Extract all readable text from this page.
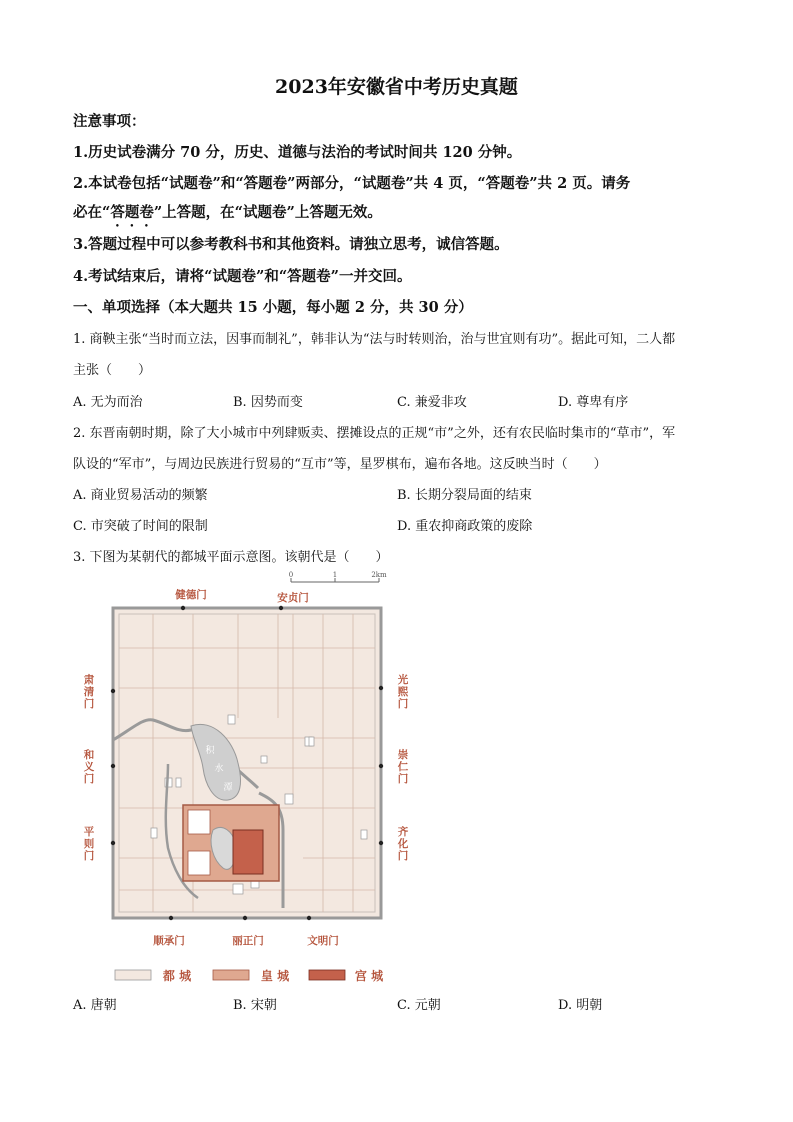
2023年安徽省中考历史真题
注意事项：
1.历史试卷满分 70 分，历史、道德与法治的考试时间共 120 分钟。
2.本试卷包括“试题卷”和“答题卷”两部分，“试题卷”共 4 页，“答题卷”共 2 页。请务
必在“答题卷”上答题，在“试题卷”上答题无效。
3.答题过程中可以参考教科书和其他资料。请独立思考，诚信答题。
4.考试结束后，请将“试题卷”和“答题卷”一并交回。
一、单项选择（本大题共 15 小题，每小题 2 分，共 30 分）
1. 商鞅主张“当时而立法，因事而制礼”，韩非认为“法与时转则治，治与世宜则有功”。据此可知，二人都
主张（　　）
A. 无为而治	B. 因势而变	C. 兼爱非攻	D. 尊卑有序
2. 东晋南朝时期，除了大小城市中列肆贩卖、摆摊设点的正规“市”之外，还有农民临时集市的“草市”，军
队设的“军市”，与周边民族进行贸易的“互市”等，星罗棋布，遍布各地。这反映当时（　　）
A. 商业贸易活动的频繁	B. 长期分裂局面的结束
C. 市突破了时间的限制	D. 重农抑商政策的废除
3. 下图为某朝代的都城平面示意图。该朝代是（　　）
0	1	2km
积
水
潭
健德门	安贞门
顺承门	丽正门	文明门
肃清门
和义门
平则门
光熙门
崇仁门
齐化门
都 城	皇 城	宫 城
A. 唐朝	B. 宋朝	C. 元朝	D. 明朝
